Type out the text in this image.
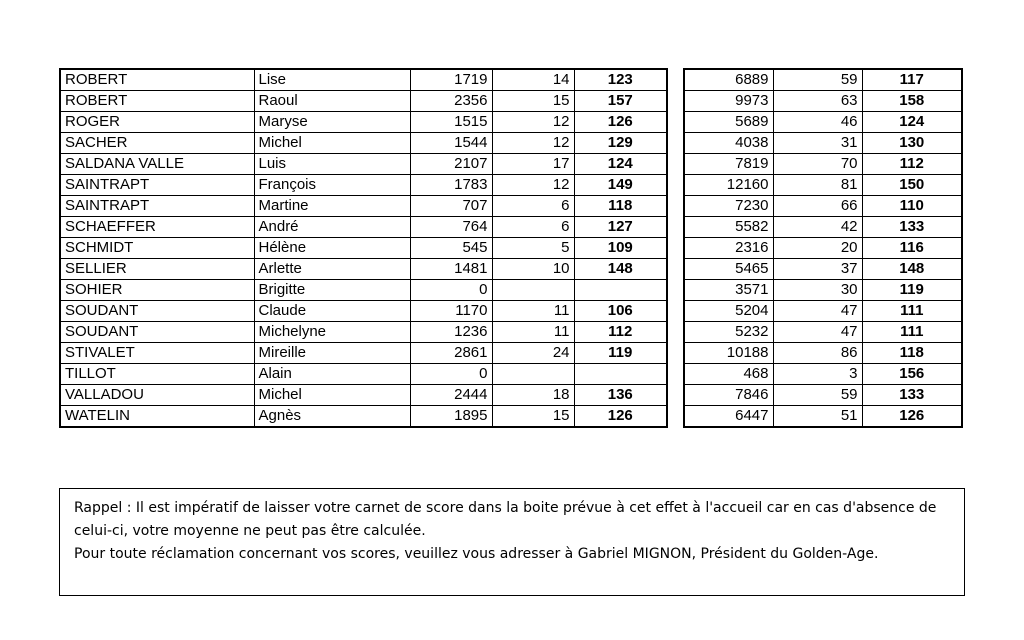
ROBERT	Lise	1719	14	123
ROBERT	Raoul	2356	15	157
ROGER	Maryse	1515	12	126
SACHER	Michel	1544	12	129
SALDANA VALLE	Luis	2107	17	124
SAINTRAPT	François	1783	12	149
SAINTRAPT	Martine	707	6	118
SCHAEFFER	André	764	6	127
SCHMIDT	Hélène	545	5	109
SELLIER	Arlette	1481	10	148
SOHIER	Brigitte	0		
SOUDANT	Claude	1170	11	106
SOUDANT	Michelyne	1236	11	112
STIVALET	Mireille	2861	24	119
TILLOT	Alain	0		
VALLADOU	Michel	2444	18	136
WATELIN	Agnès	1895	15	126
6889	59	117
9973	63	158
5689	46	124
4038	31	130
7819	70	112
12160	81	150
7230	66	110
5582	42	133
2316	20	116
5465	37	148
3571	30	119
5204	47	111
5232	47	111
10188	86	118
468	3	156
7846	59	133
6447	51	126

Rappel : Il est impératif de laisser votre carnet de score dans la boite prévue à cet effet à l'accueil car en cas d'absence de celui-ci, votre moyenne ne peut pas être calculée.

Pour toute réclamation concernant vos scores, veuillez vous adresser à Gabriel MIGNON, Président du Golden-Age.
